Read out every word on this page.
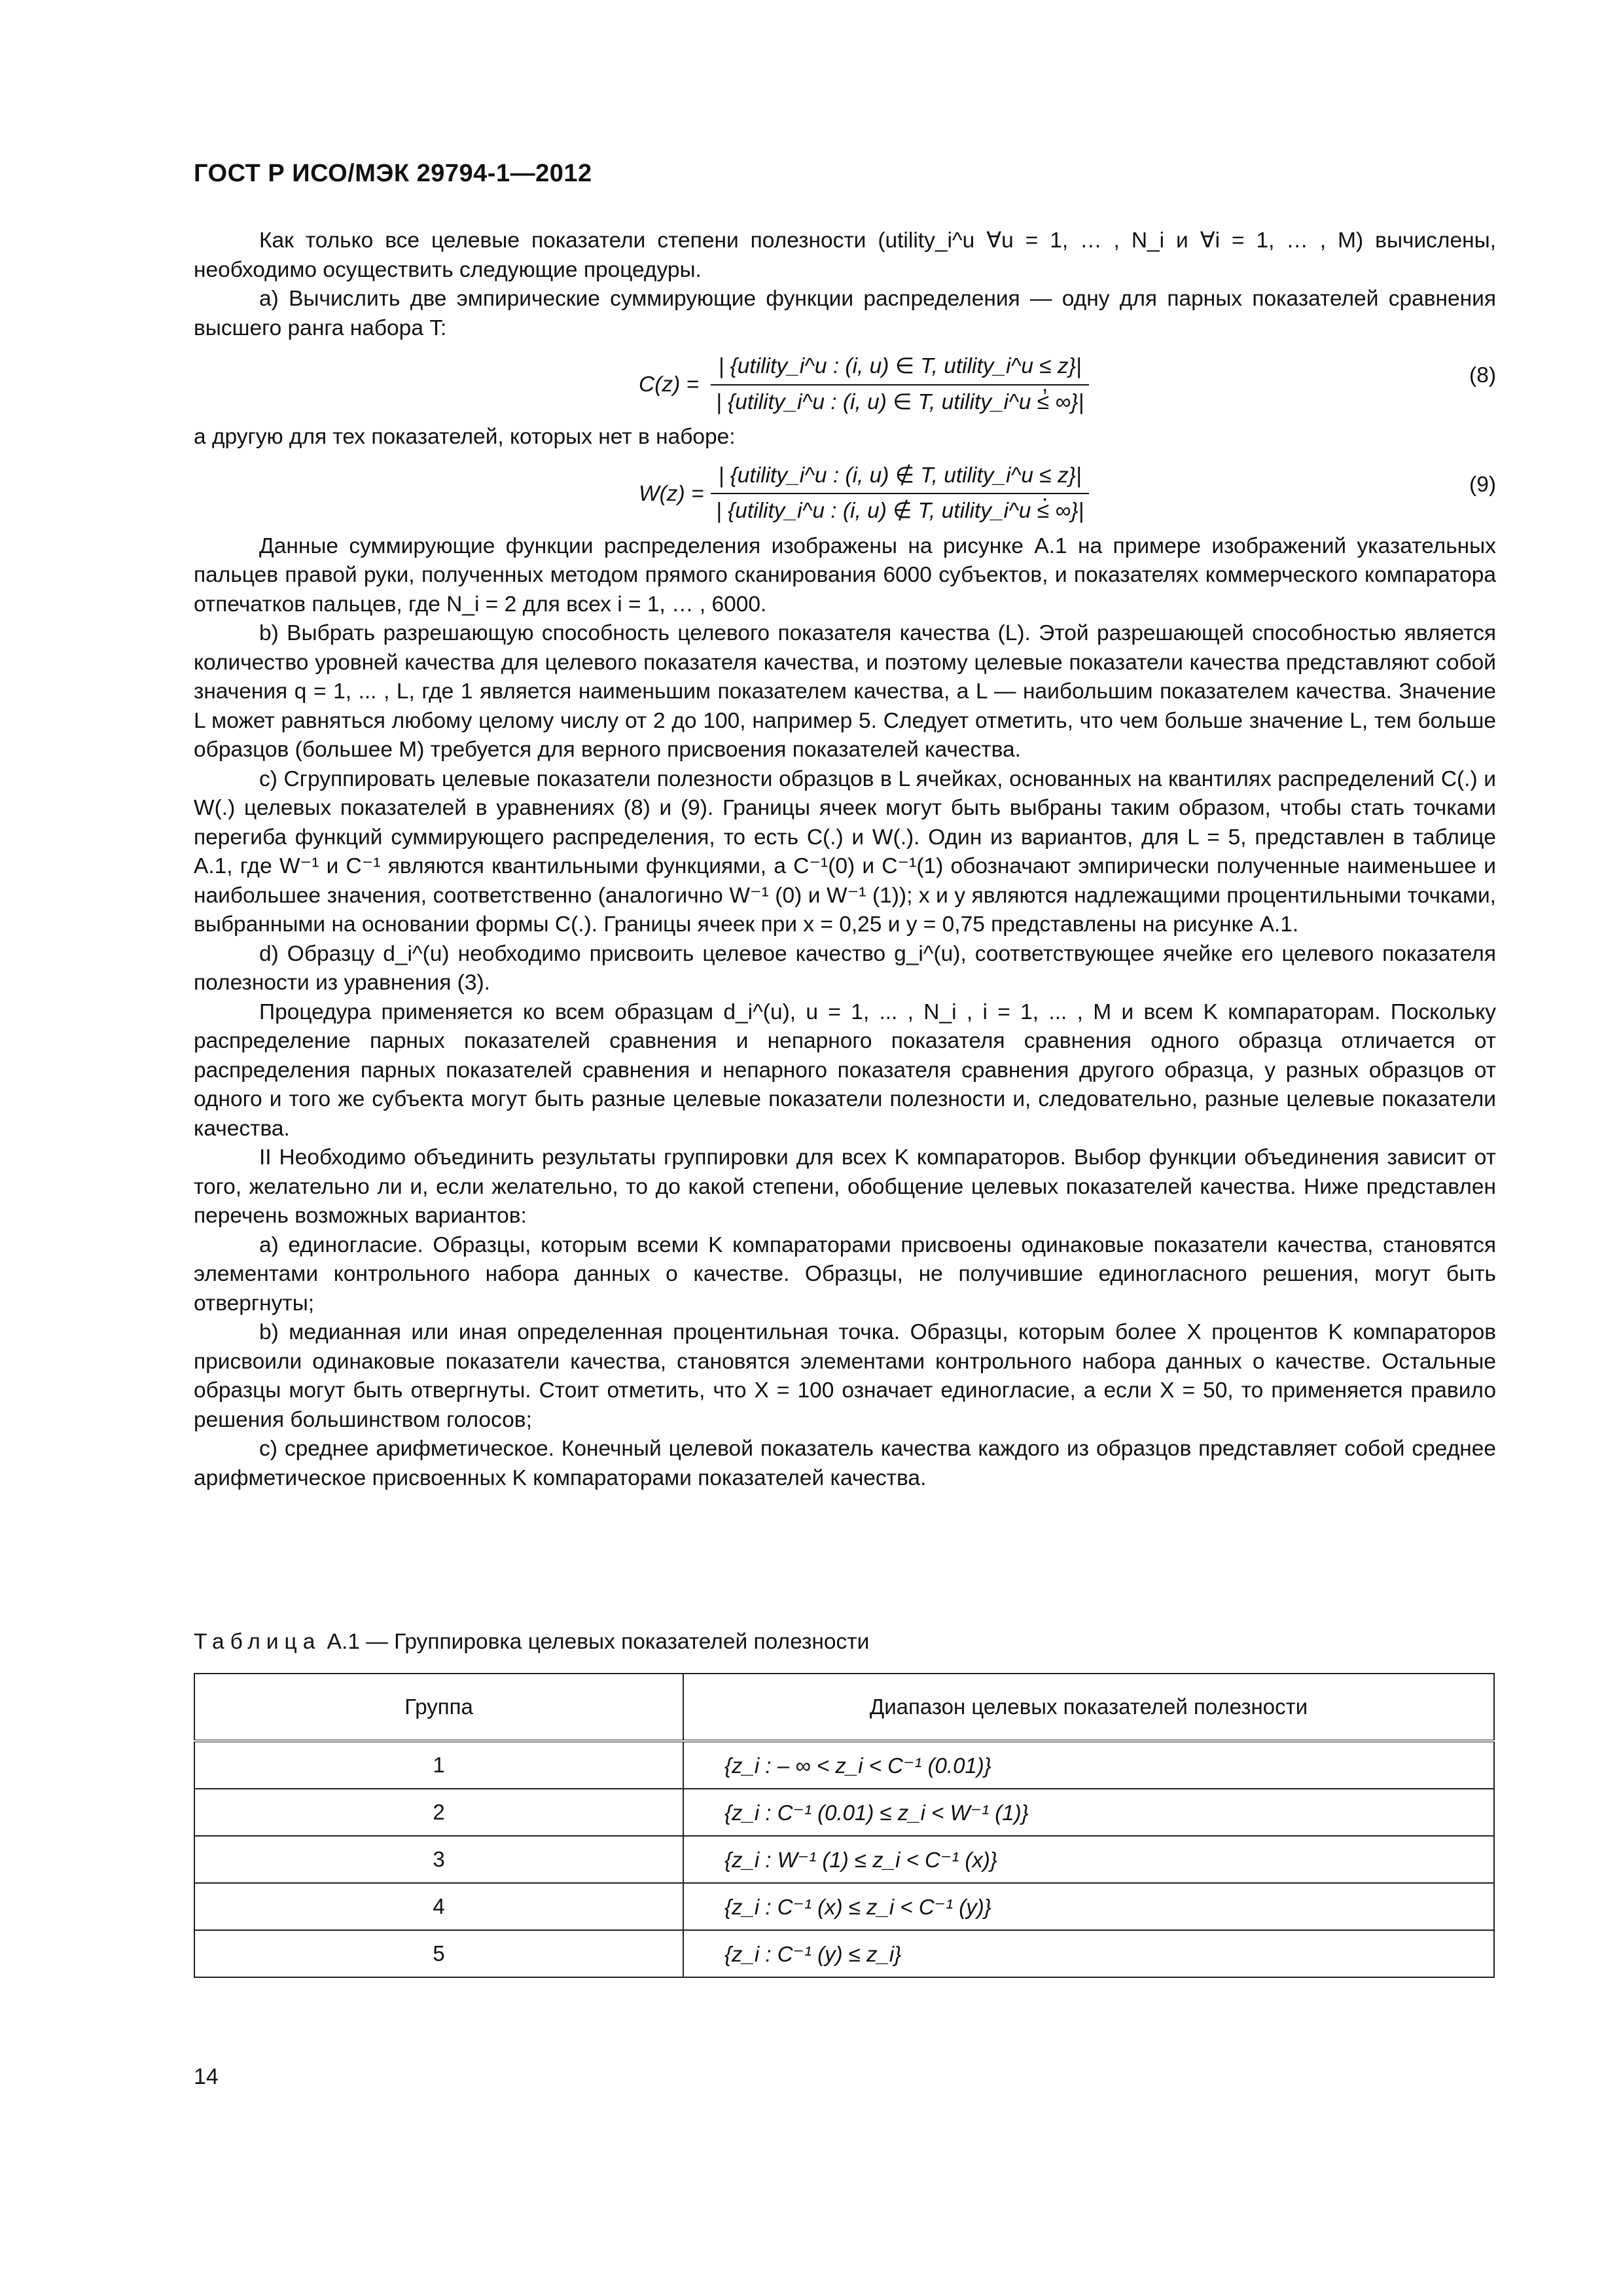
ГОСТ Р ИСО/МЭК 29794-1—2012

Как только все целевые показатели степени полезности (utility_i^u ∀u = 1, … , N_i и ∀i = 1, … , M) вычислены, необходимо осуществить следующие процедуры.

a) Вычислить две эмпирические суммирующие функции распределения — одну для парных показателей сравнения высшего ранга набора T:

C(z) =
| {utility_i^u : (i, u) ∈ T, utility_i^u ≤ z}|
| {utility_i^u : (i, u) ∈ T, utility_i^u ≤ ∞}|
,	(8)

а другую для тех показателей, которых нет в наборе:

W(z) =
| {utility_i^u : (i, u) ∉ T, utility_i^u ≤ z}|
| {utility_i^u : (i, u) ∉ T, utility_i^u ≤ ∞}|
.	(9)

Данные суммирующие функции распределения изображены на рисунке А.1 на примере изображений указательных пальцев правой руки, полученных методом прямого сканирования 6000 субъектов, и показателях коммерческого компаратора отпечатков пальцев, где N_i = 2 для всех i = 1, … , 6000.

b) Выбрать разрешающую способность целевого показателя качества (L). Этой разрешающей способностью является количество уровней качества для целевого показателя качества, и поэтому целевые показатели качества представляют собой значения q = 1, ... , L, где 1 является наименьшим показателем качества, а L — наибольшим показателем качества. Значение L может равняться любому целому числу от 2 до 100, например 5. Следует отметить, что чем больше значение L, тем больше образцов (большее M) требуется для верного присвоения показателей качества.

c) Сгруппировать целевые показатели полезности образцов в L ячейках, основанных на квантилях распределений C(.) и W(.) целевых показателей в уравнениях (8) и (9). Границы ячеек могут быть выбраны таким образом, чтобы стать точками перегиба функций суммирующего распределения, то есть C(.) и W(.). Один из вариантов, для L = 5, представлен в таблице А.1, где W⁻¹ и C⁻¹ являются квантильными функциями, а C⁻¹(0) и C⁻¹(1) обозначают эмпирически полученные наименьшее и наибольшее значения, соответственно (аналогично W⁻¹ (0) и W⁻¹ (1)); x и y являются надлежащими процентильными точками, выбранными на основании формы C(.). Границы ячеек при x = 0,25 и y = 0,75 представлены на рисунке А.1.

d) Образцу d_i^(u) необходимо присвоить целевое качество g_i^(u), соответствующее ячейке его целевого показателя полезности из уравнения (3).

Процедура применяется ко всем образцам d_i^(u), u = 1, ... , N_i , i = 1, ... , M и всем K компараторам. Поскольку распределение парных показателей сравнения и непарного показателя сравнения одного образца отличается от распределения парных показателей сравнения и непарного показателя сравнения другого образца, у разных образцов от одного и того же субъекта могут быть разные целевые показатели полезности и, следовательно, разные целевые показатели качества.

II Необходимо объединить результаты группировки для всех K компараторов. Выбор функции объединения зависит от того, желательно ли и, если желательно, то до какой степени, обобщение целевых показателей качества. Ниже представлен перечень возможных вариантов:

a) единогласие. Образцы, которым всеми K компараторами присвоены одинаковые показатели качества, становятся элементами контрольного набора данных о качестве. Образцы, не получившие единогласного решения, могут быть отвергнуты;

b) медианная или иная определенная процентильная точка. Образцы, которым более X процентов K компараторов присвоили одинаковые показатели качества, становятся элементами контрольного набора данных о качестве. Остальные образцы могут быть отвергнуты. Стоит отметить, что X = 100 означает единогласие, а если X = 50, то применяется правило решения большинством голосов;

c) среднее арифметическое. Конечный целевой показатель качества каждого из образцов представляет собой среднее арифметическое присвоенных K компараторами показателей качества.

Таблица А.1 — Группировка целевых показателей полезности
Группа	Диапазон целевых показателей полезности
1	{z_i : – ∞ < z_i < C⁻¹ (0.01)}
2	{z_i : C⁻¹ (0.01) ≤ z_i < W⁻¹ (1)}
3	{z_i : W⁻¹ (1) ≤ z_i < C⁻¹ (x)}
4	{z_i : C⁻¹ (x) ≤ z_i < C⁻¹ (y)}
5	{z_i : C⁻¹ (y) ≤ z_i}
14
